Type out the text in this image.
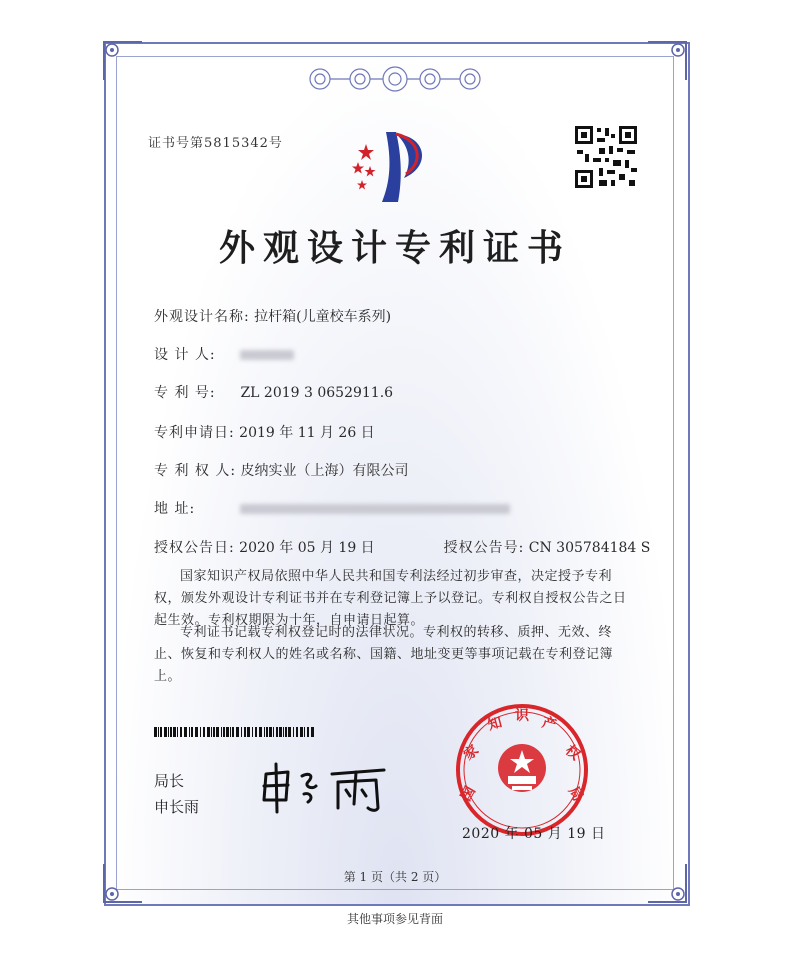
证书号第5815342号
外观设计专利证书
外观设计名称: 拉杆箱(儿童校车系列)
设 计 人:
专 利 号: ZL 2019 3 0652911.6
专利申请日: 2019 年 11 月 26 日
专 利 权 人: 皮纳实业（上海）有限公司
地 址:
授权公告日: 2020 年 05 月 19 日	授权公告号: CN 305784184 S
国家知识产权局依照中华人民共和国专利法经过初步审查，决定授予专利权，颁发外观设计专利证书并在专利登记簿上予以登记。专利权自授权公告之日起生效。专利权期限为十年，自申请日起算。
专利证书记载专利权登记时的法律状况。专利权的转移、质押、无效、终止、恢复和专利权人的姓名或名称、国籍、地址变更等事项记载在专利登记簿上。
局长
申长雨
国
家
知 识 产
权
局
2020 年 05 月 19 日
第 1 页（共 2 页）
其他事项参见背面
